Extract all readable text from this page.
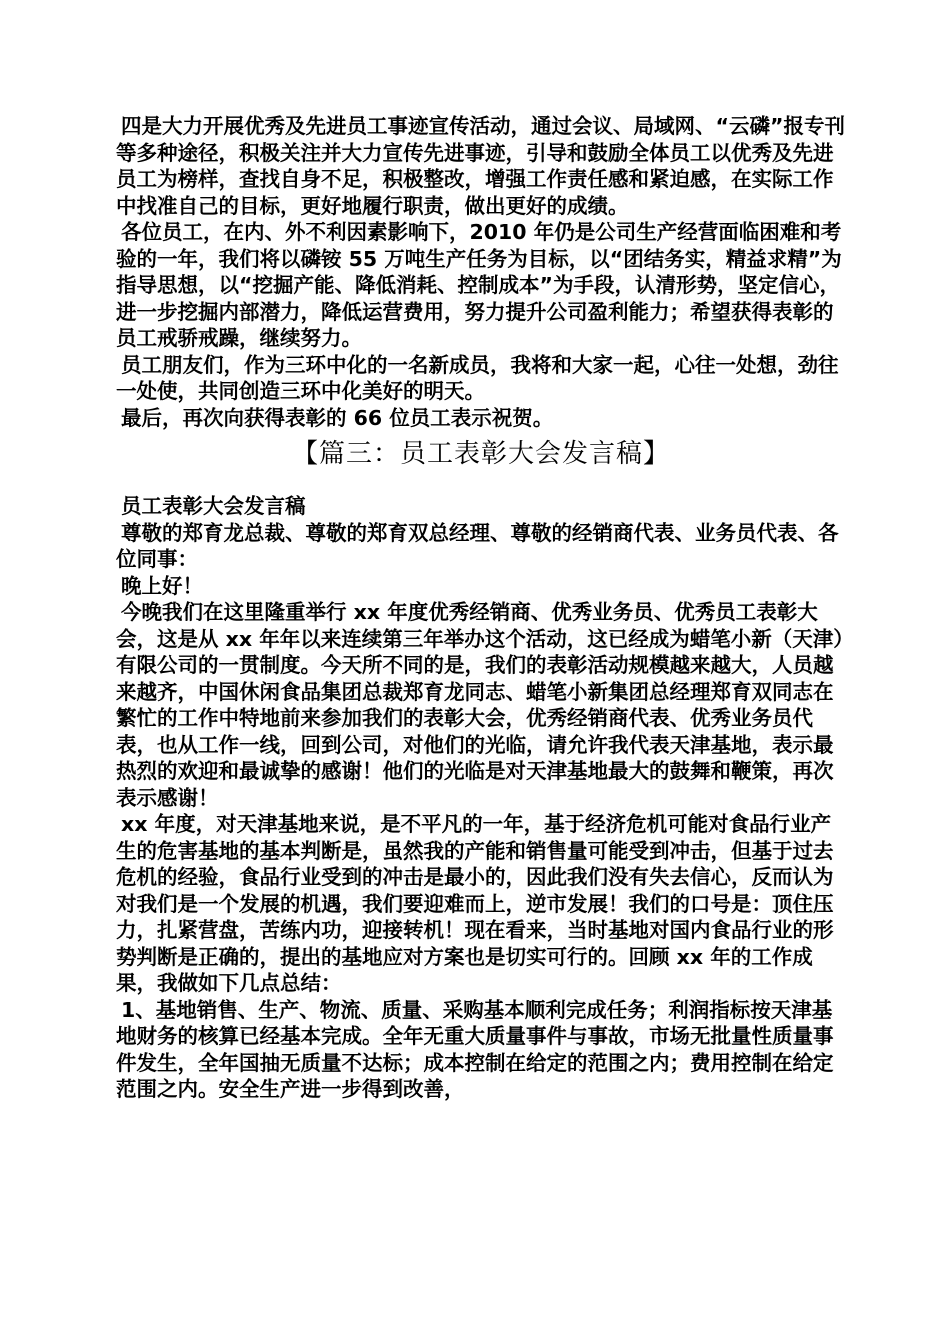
四是大力开展优秀及先进员工事迹宣传活动，通过会议、局域网、“云磷”报专刊等多种途径，积极关注并大力宣传先进事迹，引导和鼓励全体员工以优秀及先进员工为榜样，查找自身不足，积极整改，增强工作责任感和紧迫感，在实际工作中找准自己的目标，更好地履行职责，做出更好的成绩。

各位员工，在内、外不利因素影响下，2010 年仍是公司生产经营面临困难和考验的一年，我们将以磷铵 55 万吨生产任务为目标，以“团结务实，精益求精”为指导思想，以“挖掘产能、降低消耗、控制成本”为手段，认清形势，坚定信心，进一步挖掘内部潜力，降低运营费用，努力提升公司盈利能力；希望获得表彰的员工戒骄戒躁，继续努力。

员工朋友们，作为三环中化的一名新成员，我将和大家一起，心往一处想，劲往一处使，共同创造三环中化美好的明天。

最后，再次向获得表彰的 66 位员工表示祝贺。

【篇三：员工表彰大会发言稿】

员工表彰大会发言稿

尊敬的郑育龙总裁、尊敬的郑育双总经理、尊敬的经销商代表、业务员代表、各位同事：

晚上好！

今晚我们在这里隆重举行 xx 年度优秀经销商、优秀业务员、优秀员工表彰大会，这是从 xx 年年以来连续第三年举办这个活动，这已经成为蜡笔小新（天津）有限公司的一贯制度。今天所不同的是，我们的表彰活动规模越来越大，人员越来越齐，中国休闲食品集团总裁郑育龙同志、蜡笔小新集团总经理郑育双同志在繁忙的工作中特地前来参加我们的表彰大会，优秀经销商代表、优秀业务员代表，也从工作一线，回到公司，对他们的光临，请允许我代表天津基地，表示最热烈的欢迎和最诚挚的感谢！他们的光临是对天津基地最大的鼓舞和鞭策，再次表示感谢！

xx 年度，对天津基地来说，是不平凡的一年，基于经济危机可能对食品行业产生的危害基地的基本判断是，虽然我的产能和销售量可能受到冲击，但基于过去危机的经验，食品行业受到的冲击是最小的，因此我们没有失去信心，反而认为对我们是一个发展的机遇，我们要迎难而上，逆市发展！我们的口号是：顶住压力，扎紧营盘，苦练内功，迎接转机！现在看来，当时基地对国内食品行业的形势判断是正确的，提出的基地应对方案也是切实可行的。回顾 xx 年的工作成果，我做如下几点总结：

1、基地销售、生产、物流、质量、采购基本顺利完成任务；利润指标按天津基地财务的核算已经基本完成。全年无重大质量事件与事故，市场无批量性质量事件发生，全年国抽无质量不达标；成本控制在给定的范围之内；费用控制在给定范围之内。安全生产进一步得到改善，
